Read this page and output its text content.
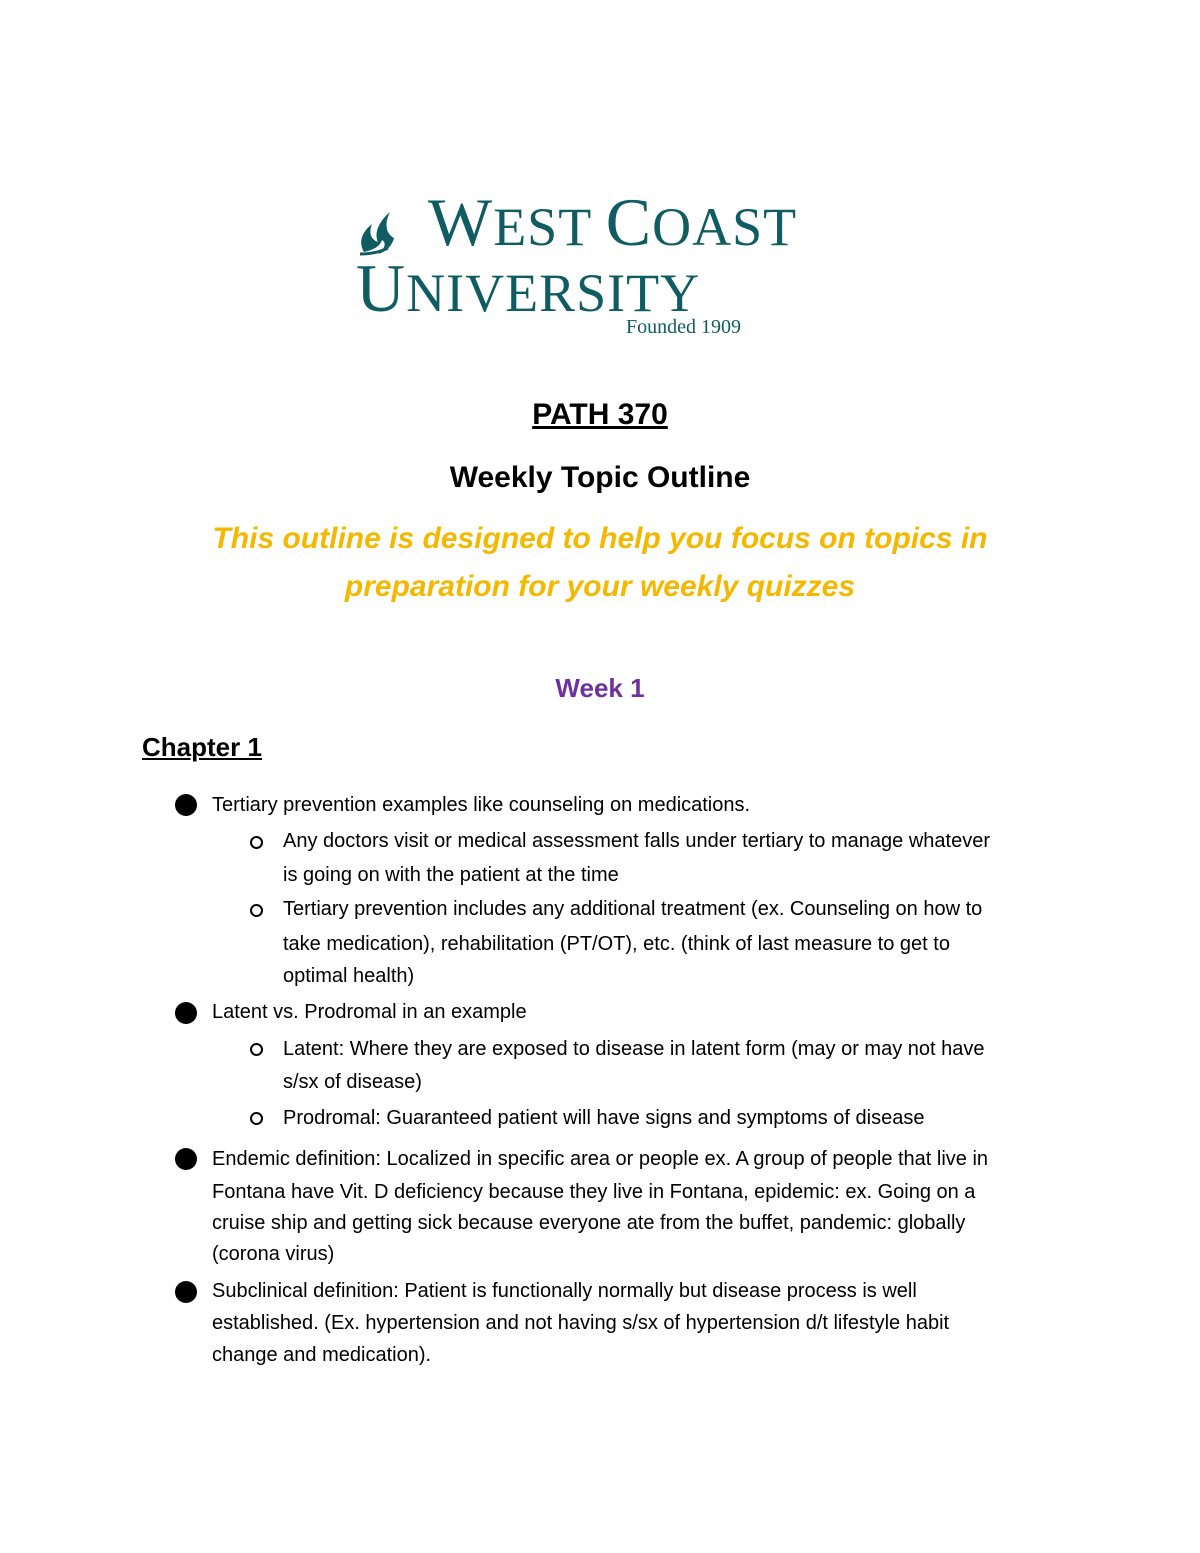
WEST COAST
UNIVERSITY
Founded 1909
PATH 370
Weekly Topic Outline
This outline is designed to help you focus on topics in
preparation for your weekly quizzes
Week 1
Chapter 1
Tertiary prevention examples like counseling on medications.
Any doctors visit or medical assessment falls under tertiary to manage whatever
is going on with the patient at the time
Tertiary prevention includes any additional treatment (ex. Counseling on how to
take medication), rehabilitation (PT/OT), etc. (think of last measure to get to
optimal health)
Latent vs. Prodromal in an example
Latent: Where they are exposed to disease in latent form (may or may not have
s/sx of disease)
Prodromal: Guaranteed patient will have signs and symptoms of disease
Endemic definition: Localized in specific area or people ex. A group of people that live in
Fontana have Vit. D deficiency because they live in Fontana, epidemic: ex. Going on a
cruise ship and getting sick because everyone ate from the buffet, pandemic: globally
(corona virus)
Subclinical definition: Patient is functionally normally but disease process is well
established. (Ex. hypertension and not having s/sx of hypertension d/t lifestyle habit
change and medication).
